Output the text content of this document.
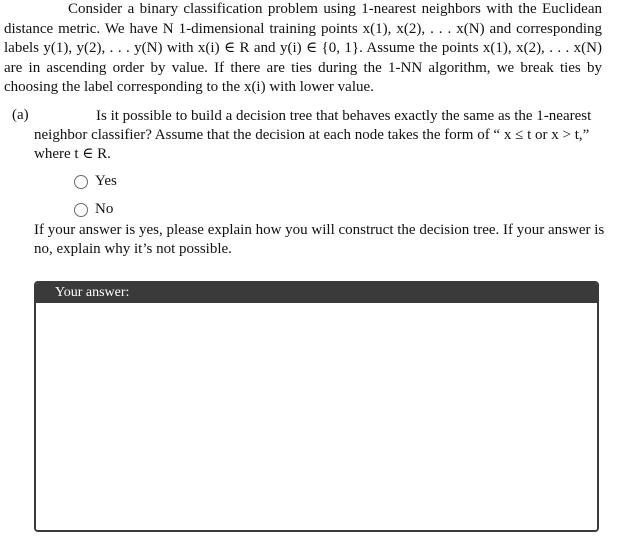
Consider a binary classification problem using 1-nearest neighbors with the Euclidean distance metric. We have N 1-dimensional training points x(1), x(2), . . . x(N) and corresponding labels y(1), y(2), . . . y(N) with x(i) ∈ R and y(i) ∈ {0, 1}. Assume the points x(1), x(2), . . . x(N) are in ascending order by value. If there are ties during the 1-NN algorithm, we break ties by choosing the label corresponding to the x(i) with lower value.

(a)	Is it possible to build a decision tree that behaves exactly the same as the 1-nearest neighbor classifier? Assume that the decision at each node takes the form of “ x ≤ t or x > t,” where t ∈ R.

Yes
No

If your answer is yes, please explain how you will construct the decision tree. If your answer is no, explain why it’s not possible.

Your answer:
